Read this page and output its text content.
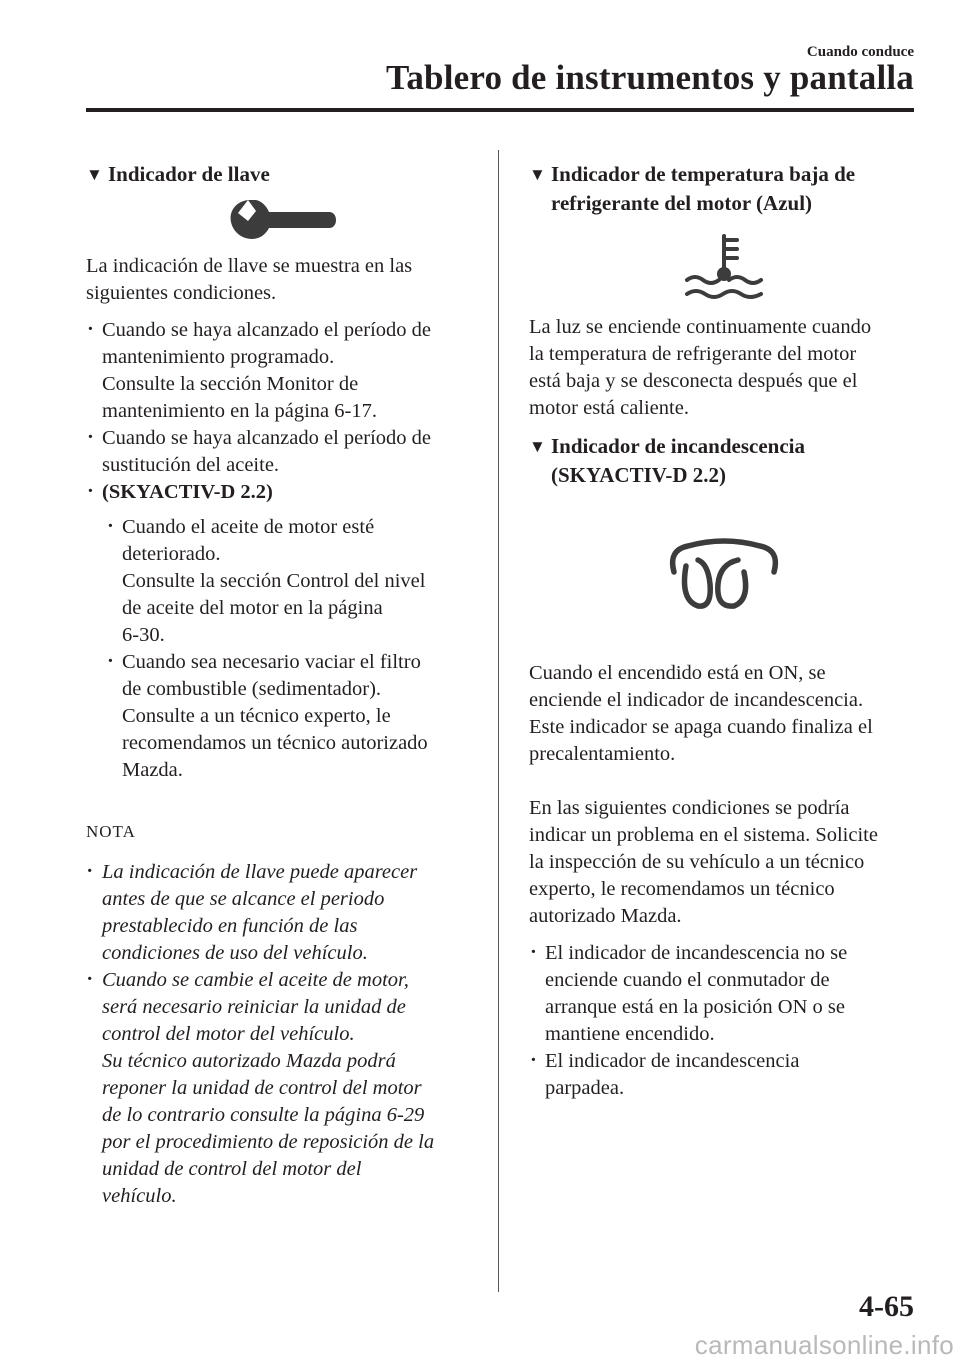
Cuando conduce
Tablero de instrumentos y pantalla
▼ Indicador de llave

La indicación de llave se muestra en las

siguientes condiciones.

· Cuando se haya alcanzado el período de
mantenimiento programado.
Consulte la sección Monitor de
mantenimiento en la página 6-17.
· Cuando se haya alcanzado el período de
sustitución del aceite.
· (SKYACTIV-D 2.2)
· Cuando el aceite de motor esté
deteriorado.
Consulte la sección Control del nivel
de aceite del motor en la página
6-30.
· Cuando sea necesario vaciar el filtro
de combustible (sedimentador).
Consulte a un técnico experto, le
recomendamos un técnico autorizado
Mazda.
NOTA
· La indicación de llave puede aparecer
antes de que se alcance el periodo
prestablecido en función de las
condiciones de uso del vehículo.
· Cuando se cambie el aceite de motor,
será necesario reiniciar la unidad de
control del motor del vehículo.
Su técnico autorizado Mazda podrá
reponer la unidad de control del motor
de lo contrario consulte la página 6-29
por el procedimiento de reposición de la
unidad de control del motor del
vehículo.
▼ Indicador de temperatura baja de
refrigerante del motor (Azul)

La luz se enciende continuamente cuando
la temperatura de refrigerante del motor
está baja y se desconecta después que el
motor está caliente.

▼ Indicador de incandescencia
(SKYACTIV-D 2.2)

Cuando el encendido está en ON, se
enciende el indicador de incandescencia.
Este indicador se apaga cuando finaliza el
precalentamiento.

En las siguientes condiciones se podría
indicar un problema en el sistema. Solicite
la inspección de su vehículo a un técnico
experto, le recomendamos un técnico
autorizado Mazda.

· El indicador de incandescencia no se
enciende cuando el conmutador de
arranque está en la posición ON o se
mantiene encendido.
· El indicador de incandescencia
parpadea.
4-65
carmanualsonline.info
